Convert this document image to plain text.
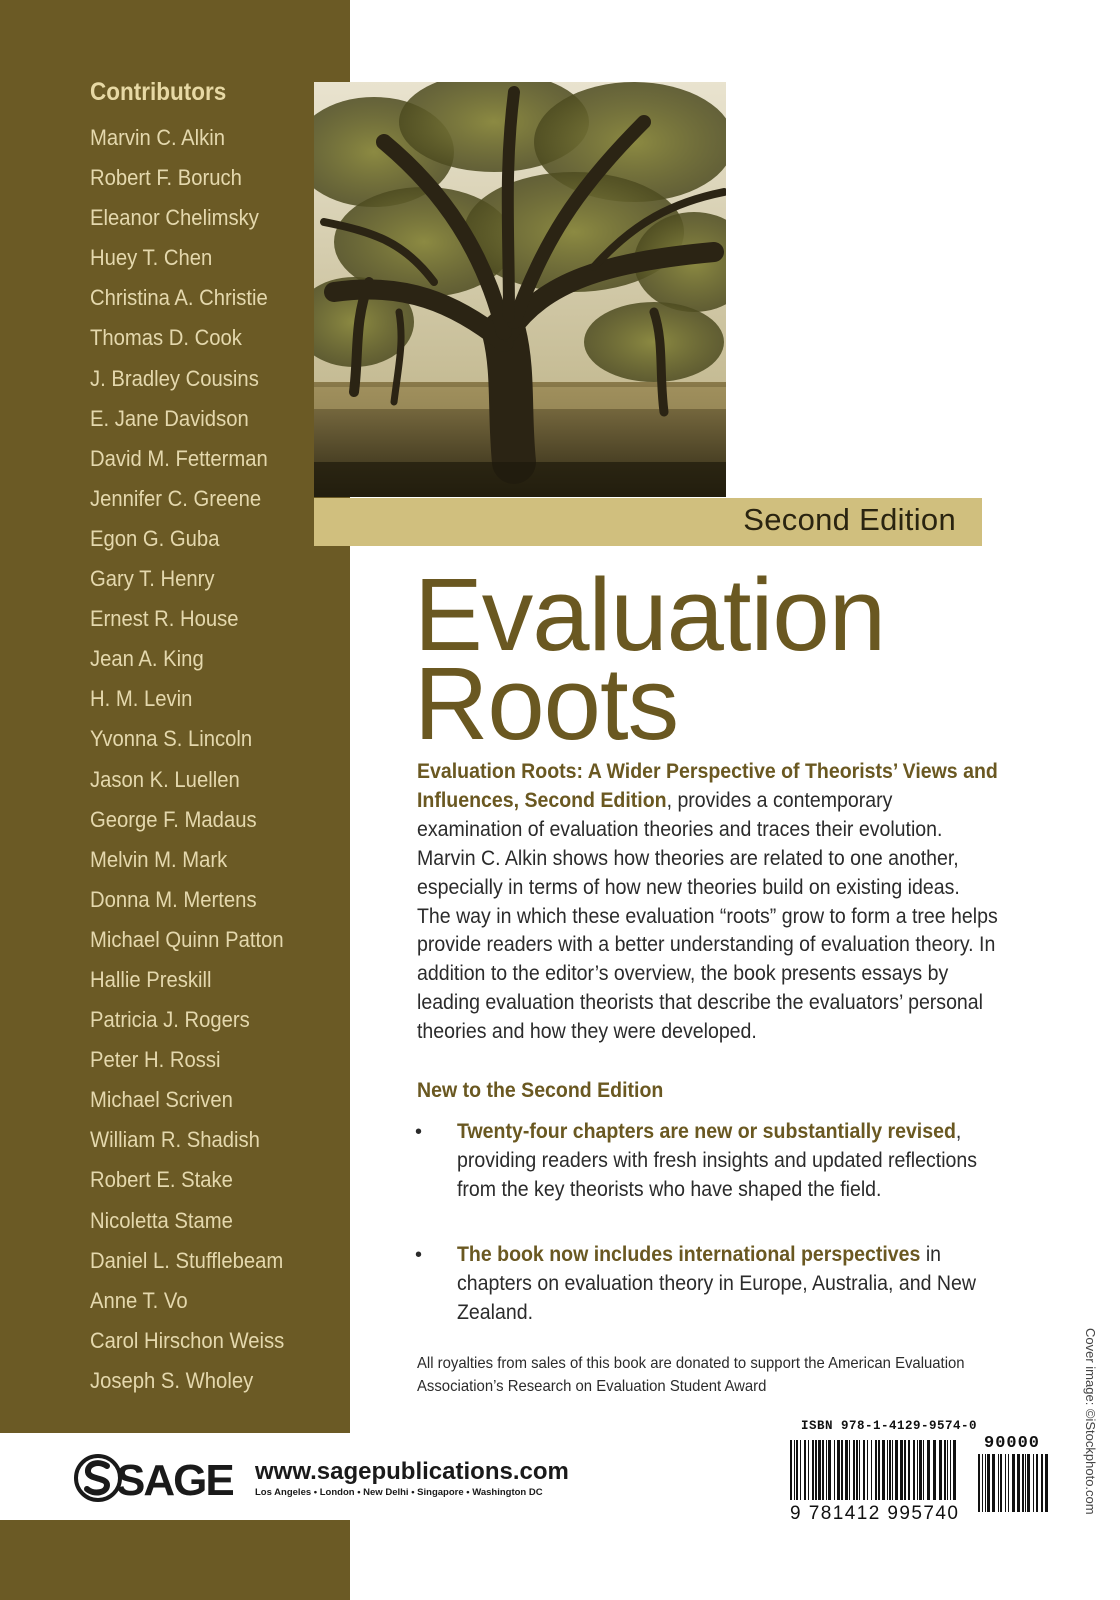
Contributors
Marvin C. Alkin
Robert F. Boruch
Eleanor Chelimsky
Huey T. Chen
Christina A. Christie
Thomas D. Cook
J. Bradley Cousins
E. Jane Davidson
David M. Fetterman
Jennifer C. Greene
Egon G. Guba
Gary T. Henry
Ernest R. House
Jean A. King
H. M. Levin
Yvonna S. Lincoln
Jason K. Luellen
George F. Madaus
Melvin M. Mark
Donna M. Mertens
Michael Quinn Patton
Hallie Preskill
Patricia J. Rogers
Peter H. Rossi
Michael Scriven
William R. Shadish
Robert E. Stake
Nicoletta Stame
Daniel L. Stufflebeam
Anne T. Vo
Carol Hirschon Weiss
Joseph S. Wholey
Second Edition
Evaluation
Roots

Evaluation Roots: A Wider Perspective of Theorists’ Views and Influences, Second Edition, provides a contemporary examination of evaluation theories and traces their evolution. Marvin C. Alkin shows how theories are related to one another, especially in terms of how new theories build on existing ideas. The way in which these evaluation “roots” grow to form a tree helps provide readers with a better understanding of evaluation theory. In addition to the editor’s overview, the book presents essays by leading evaluation theorists that describe the evaluators’ personal theories and how they were developed.

New to the Second Edition
• Twenty-four chapters are new or substantially revised, providing readers with fresh insights and updated reflections from the key theorists who have shaped the field.
• The book now includes international perspectives in chapters on evaluation theory in Europe, Australia, and New Zealand.
All royalties from sales of this book are donated to support the American Evaluation Association’s Research on Evaluation Student Award
ISBN 978-1-4129-9574-0
9 781412 995740
90000	Cover image: ©iStockphoto.com
SAGE www.sagepublications.com
Los Angeles • London • New Delhi • Singapore • Washington DC
